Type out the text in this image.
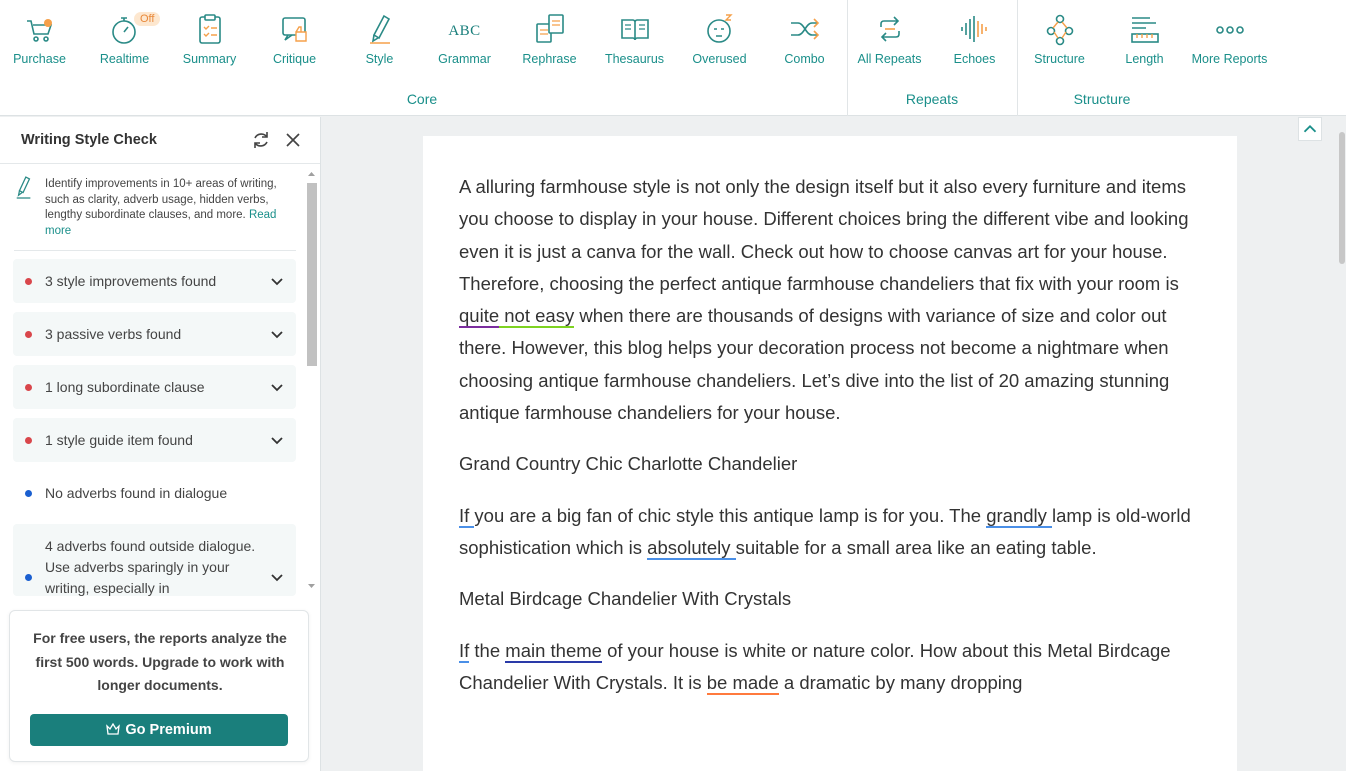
Purchase
Off
Realtime	Summary	Critique	Style
ABC
Grammar	Rephrase	Thesaurus	Overused	Combo	All Repeats	Echoes	Structure	Length	More Reports
Core	Repeats	Structure
Writing Style Check
Identify improvements in 10+ areas of writing, such as clarity, adverb usage, hidden verbs, lengthy subordinate clauses, and more. Read more
3 style improvements found
3 passive verbs found
1 long subordinate clause
1 style guide item found
No adverbs found in dialogue
4 adverbs found outside dialogue. Use adverbs sparingly in your writing, especially in
For free users, the reports analyze the first 500 words. Upgrade to work with longer documents.
Go Premium

A alluring farmhouse style is not only the design itself but it also every furniture and items you choose to display in your house. Different choices bring the different vibe and looking even it is just a canva for the wall. Check out how to choose canvas art for your house. Therefore, choosing the perfect antique farmhouse chandeliers that fix with your room is quite not easy when there are thousands of designs with variance of size and color out there. However, this blog helps your decoration process not become a nightmare when choosing antique farmhouse chandeliers. Let’s dive into the list of 20 amazing stunning antique farmhouse chandeliers for your house.

Grand Country Chic Charlotte Chandelier

If you are a big fan of chic style this antique lamp is for you. The grandly lamp is old-world sophistication which is absolutely suitable for a small area like an eating table.

Metal Birdcage Chandelier With Crystals

If the main theme of your house is white or nature color. How about this Metal Birdcage Chandelier With Crystals. It is be made a dramatic by many dropping
